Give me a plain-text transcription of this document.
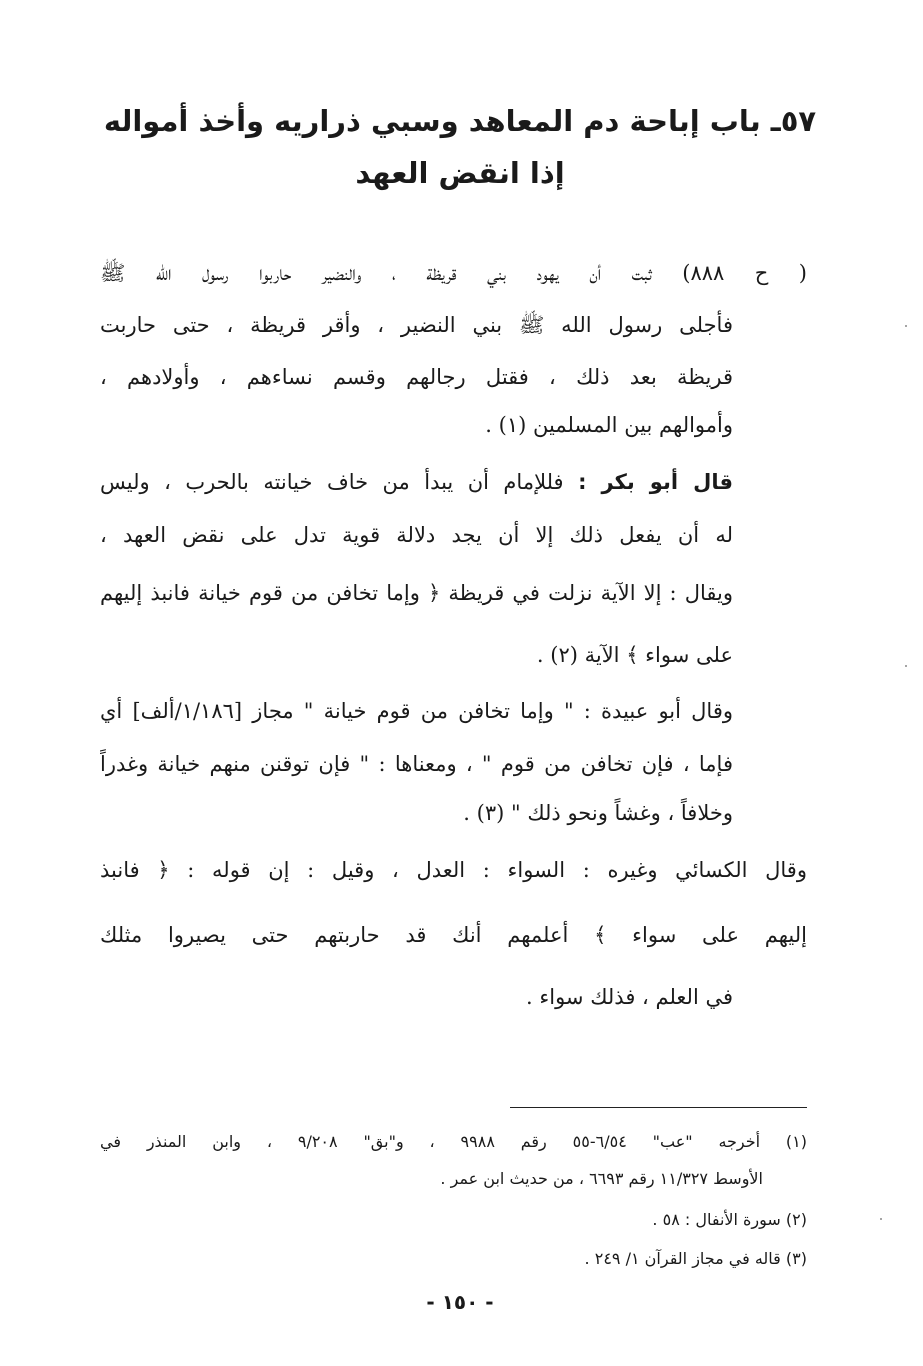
٥٧ـ باب إباحة دم المعاهد وسبي ذراريه وأخذ أمواله
إذا انقض العهد
( ح ٨٨٨) ثبت أن يهود بني قريظة ، والنضير حاربوا رسول الله ﷺ
فأجلى رسول الله ﷺ بني النضير ، وأقر قريظة ، حتى حاربت
قريظة بعد ذلك ، فقتل رجالهم وقسم نساءهم ، وأولادهم ،
وأموالهم بين المسلمين (١) .
قال أبو بكر : فللإمام أن يبدأ من خاف خيانته بالحرب ، وليس
له أن يفعل ذلك إلا أن يجد دلالة قوية تدل على نقض العهد ،
ويقال : إلا الآية نزلت في قريظة ﴿ وإما تخافن من قوم خيانة فانبذ إليهم
على سواء ﴾ الآية (٢) .
وقال أبو عبيدة : " وإما تخافن من قوم خيانة " مجاز [١/١٨٦/ألف] أي
فإما ، فإن تخافن من قوم " ، ومعناها : " فإن توقنن منهم خيانة وغدراً
وخلافاً ، وغشاً ونحو ذلك " (٣) .
وقال الكسائي وغيره : السواء : العدل ، وقيل : إن قوله : ﴿ فانبذ
إليهم على سواء ﴾ أعلمهم أنك قد حاربتهم حتى يصيروا مثلك
في العلم ، فذلك سواء .
(١) أخرجه "عب" ٦/٥٤-٥٥ رقم ٩٩٨٨ ، و"بق" ٩/٢٠٨ ، وابن المنذر في
الأوسط ١١/٣٢٧ رقم ٦٦٩٣ ، من حديث ابن عمر .
(٢) سورة الأنفال : ٥٨ .
(٣) قاله في مجاز القرآن ١/ ٢٤٩ .
- ١٥٠ -
